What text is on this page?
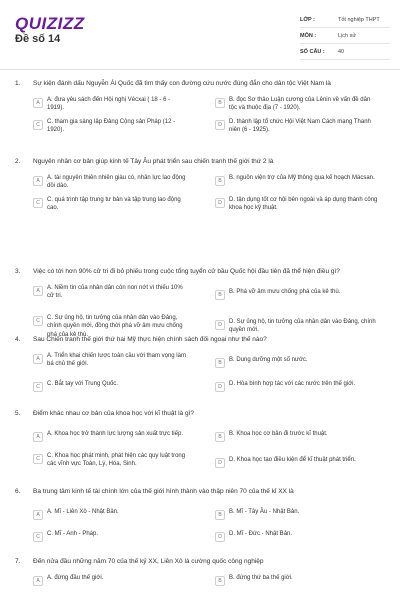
QUIZIZZ
Đề số 14
LỚP :	Tốt nghiệp THPT
MÔN :	Lịch sử
SỐ CÂU :	40
1. Sự kiện đánh dấu Nguyễn Ái Quốc đã tìm thấy con đường cứu nước đúng đắn cho dân tộc Việt Nam là
A	A. đưa yêu sách đến Hội nghị Vécxai ( 18 - 6 - 1919).
B	B. đọc Sơ thảo Luận cương của Lênin về vấn đề dân tộc và thuộc địa (7 - 1920).
C	C. tham gia sáng lập Đảng Cộng sản Pháp (12 - 1920).
D	D. thành lập tổ chức Hội Việt Nam Cách mạng Thanh niên (6 - 1925).
2. Nguyên nhân cơ bản giúp kinh tế Tây Âu phát triển sau chiến tranh thế giới thứ 2 là
A	A. tài nguyên thiên nhiên giàu có, nhân lực lao động dồi dào.
B	B. nguồn viện trợ của Mỹ thông qua kế hoạch Mácsan.
C	C. quá trình tập trung tư bản và tập trung lao động cao.
D	D. tận dụng tốt cơ hội bên ngoài và áp dụng thành công khoa học kỹ thuật.
3. Việc có tới hơn 90% cử tri đi bỏ phiếu trong cuộc tổng tuyển cử bầu Quốc hội đầu tiên đã thể hiện điều gì?
A	A. Niềm tin của nhân dân còn non nớt vì thiếu 10% cử tri.	B	B. Phá vỡ âm mưu chống phá của kẻ thù.
C	C. Sự ủng hộ, tin tưởng của nhân dân vào Đảng, chính quyền mới, đồng thời phá vỡ âm mưu chống phá của kẻ thù.
D	D. Sự ủng hộ, tin tưởng của nhân dân vào Đảng, chính quyền mới.
4. Sau Chiến tranh thế giới thứ hai Mỹ thực hiện chính sách đối ngoại như thế nào?
A	A. Triển khai chiến lược toàn cầu với tham vọng làm bá chủ thế giới.	B	B. Dung dưỡng một số nước.
C	C. Bắt tay với Trung Quốc.	D	D. Hòa bình hợp tác với các nước trên thế giới.
5. Điểm khác nhau cơ bản của khoa học với kĩ thuật là gì?
A	A. Khoa học trở thành lực lượng sản xuất trực tiếp.	B	B. Khoa học cơ bản đi trước kĩ thuật.
C	C. Khoa học phát minh, phát hiện các quy luật trong các vĩnh vực Toán, Lý, Hóa, Sinh.	D	D. Khoa học tạo điều kiện để kĩ thuật phát triển.
6. Ba trung tâm kinh tế tài chính lớn của thế giới hình thành vào thập niên 70 của thế kỉ XX là
A	A. Mĩ - Liên Xô - Nhật Bản.	B	B. Mĩ - Tây Âu - Nhật Bản.
C	C. Mĩ - Anh - Pháp.	D	D. Mĩ - Đức - Nhật Bản.
7. Đến nửa đầu những năm 70 của thế kỷ XX, Liên Xô là cường quốc công nghiệp
A	A. đứng đầu thế giới.	B	B. đứng thứ ba thế giới.
